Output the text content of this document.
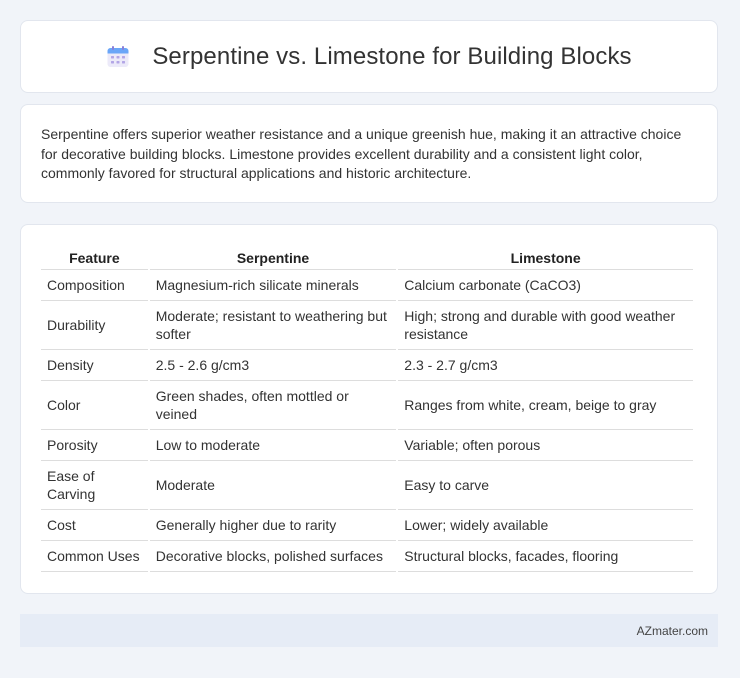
Serpentine vs. Limestone for Building Blocks

Serpentine offers superior weather resistance and a unique greenish hue, making it an attractive choice for decorative building blocks. Limestone provides excellent durability and a consistent light color, commonly favored for structural applications and historic architecture.

Feature	Serpentine	Limestone
Composition	Magnesium-rich silicate minerals	Calcium carbonate (CaCO3)
Durability	Moderate; resistant to weathering but softer	High; strong and durable with good weather resistance
Density	2.5 - 2.6 g/cm3	2.3 - 2.7 g/cm3
Color	Green shades, often mottled or veined	Ranges from white, cream, beige to gray
Porosity	Low to moderate	Variable; often porous
Ease of Carving	Moderate	Easy to carve
Cost	Generally higher due to rarity	Lower; widely available
Common Uses	Decorative blocks, polished surfaces	Structural blocks, facades, flooring
AZmater.com
